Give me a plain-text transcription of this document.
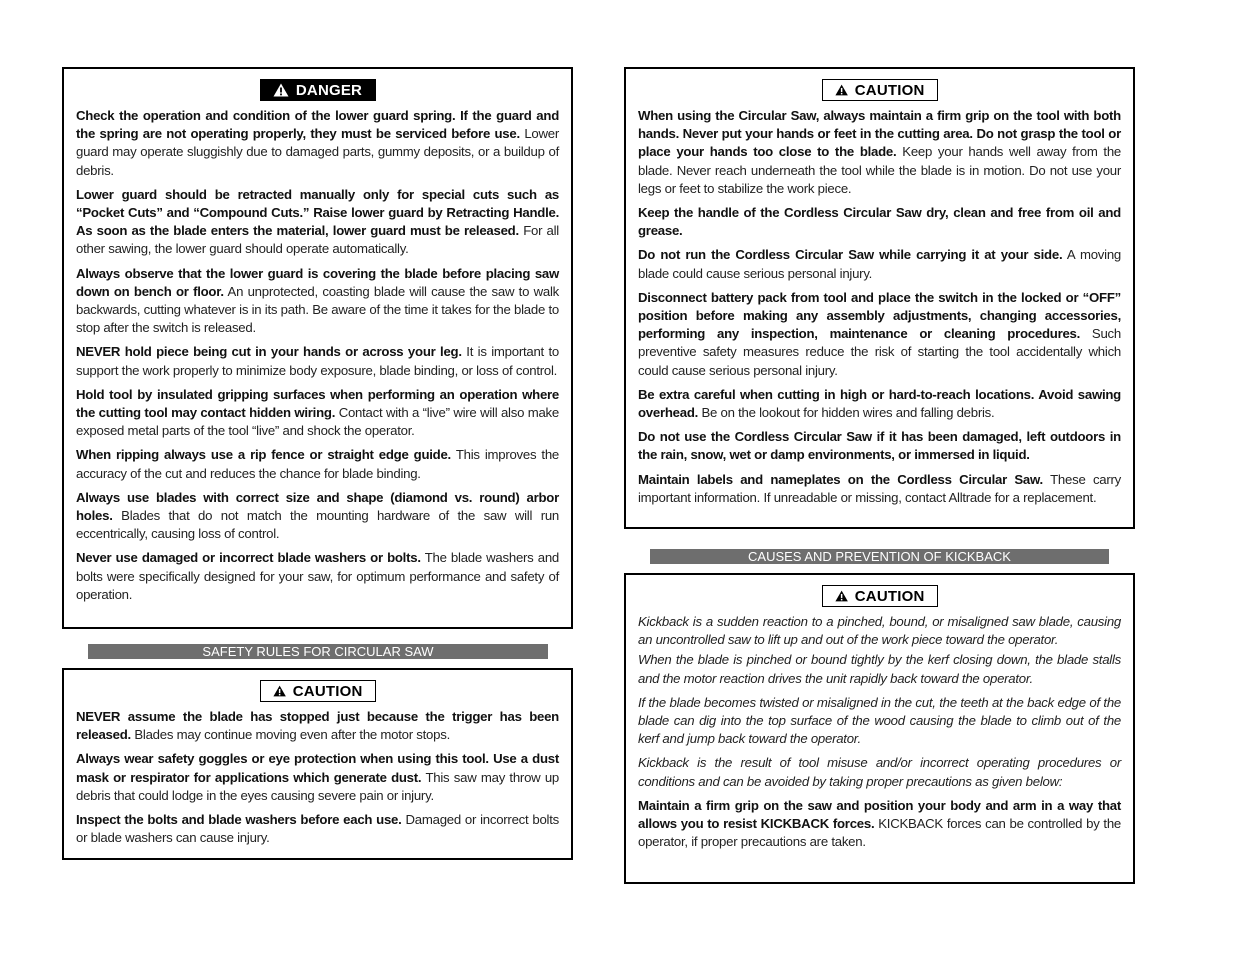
DANGER

Check the operation and condition of the lower guard spring. If the guard and the spring are not operating properly, they must be serviced before use. Lower guard may operate sluggishly due to damaged parts, gummy deposits, or a buildup of debris.

Lower guard should be retracted manually only for special cuts such as “Pocket Cuts” and “Compound Cuts.” Raise lower guard by Retracting Handle. As soon as the blade enters the material, lower guard must be released. For all other sawing, the lower guard should operate automatically.

Always observe that the lower guard is covering the blade before placing saw down on bench or floor. An unprotected, coasting blade will cause the saw to walk backwards, cutting whatever is in its path. Be aware of the time it takes for the blade to stop after the switch is released.

NEVER hold piece being cut in your hands or across your leg. It is important to support the work properly to minimize body exposure, blade binding, or loss of control.

Hold tool by insulated gripping surfaces when performing an operation where the cutting tool may contact hidden wiring. Contact with a “live” wire will also make exposed metal parts of the tool “live” and shock the operator.

When ripping always use a rip fence or straight edge guide. This improves the accuracy of the cut and reduces the chance for blade binding.

Always use blades with correct size and shape (diamond vs. round) arbor holes. Blades that do not match the mounting hardware of the saw will run eccentrically, causing loss of control.

Never use damaged or incorrect blade washers or bolts. The blade washers and bolts were specifically designed for your saw, for optimum performance and safety of operation.

SAFETY RULES FOR CIRCULAR SAW
CAUTION

NEVER assume the blade has stopped just because the trigger has been released. Blades may continue moving even after the motor stops.

Always wear safety goggles or eye protection when using this tool. Use a dust mask or respirator for applications which generate dust. This saw may throw up debris that could lodge in the eyes causing severe pain or injury.

Inspect the bolts and blade washers before each use. Damaged or incorrect bolts or blade washers can cause injury.

CAUTION

When using the Circular Saw, always maintain a firm grip on the tool with both hands. Never put your hands or feet in the cutting area. Do not grasp the tool or place your hands too close to the blade. Keep your hands well away from the blade. Never reach underneath the tool while the blade is in motion. Do not use your legs or feet to stabilize the work piece.

Keep the handle of the Cordless Circular Saw dry, clean and free from oil and grease.

Do not run the Cordless Circular Saw while carrying it at your side. A moving blade could cause serious personal injury.

Disconnect battery pack from tool and place the switch in the locked or “OFF” position before making any assembly adjustments, changing accessories, performing any inspection, maintenance or cleaning procedures. Such preventive safety measures reduce the risk of starting the tool accidentally which could cause serious personal injury.

Be extra careful when cutting in high or hard-to-reach locations. Avoid sawing overhead. Be on the lookout for hidden wires and falling debris.

Do not use the Cordless Circular Saw if it has been damaged, left outdoors in the rain, snow, wet or damp environments, or immersed in liquid.

Maintain labels and nameplates on the Cordless Circular Saw. These carry important information. If unreadable or missing, contact Alltrade for a replacement.

CAUSES AND PREVENTION OF KICKBACK
CAUTION

Kickback is a sudden reaction to a pinched, bound, or misaligned saw blade, causing an uncontrolled saw to lift up and out of the work piece toward the operator.

When the blade is pinched or bound tightly by the kerf closing down, the blade stalls and the motor reaction drives the unit rapidly back toward the operator.

If the blade becomes twisted or misaligned in the cut, the teeth at the back edge of the blade can dig into the top surface of the wood causing the blade to climb out of the kerf and jump back toward the operator.

Kickback is the result of tool misuse and/or incorrect operating procedures or conditions and can be avoided by taking proper precautions as given below:

Maintain a firm grip on the saw and position your body and arm in a way that allows you to resist KICKBACK forces. KICKBACK forces can be controlled by the operator, if proper precautions are taken.
